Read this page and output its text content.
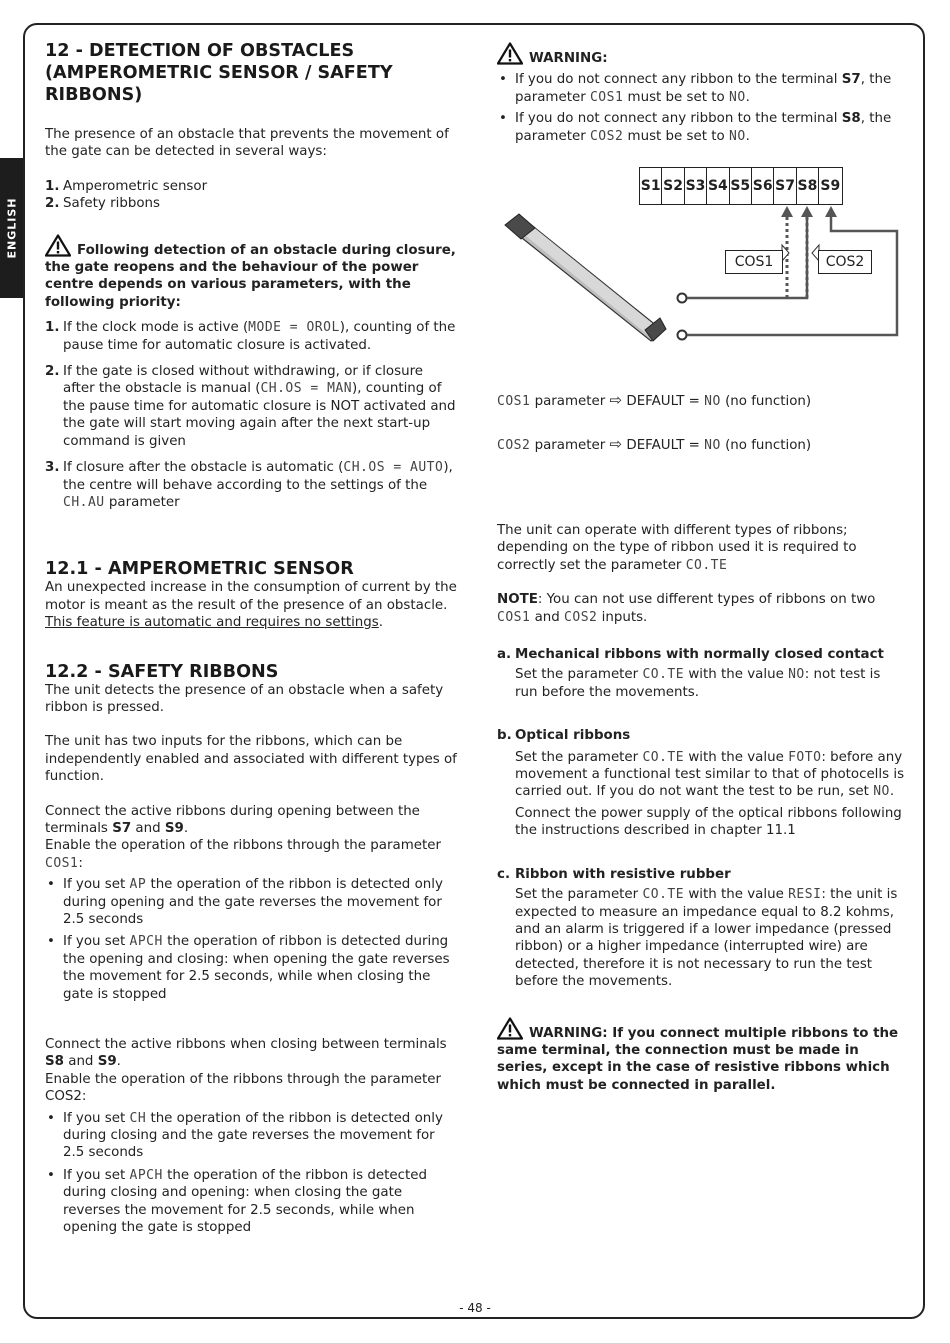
ENGLISH
12 - DETECTION OF OBSTACLES (AMPEROMETRIC SENSOR / SAFETY RIBBONS)

The presence of an obstacle that prevents the movement of the gate can be detected in several ways:

1. Amperometric sensor
2. Safety ribbons

Following detection of an obstacle during closure, the gate reopens and the behaviour of the power centre depends on various parameters, with the following priority:

1. If the clock mode is active (MODE = OROL), counting of the pause time for automatic closure is activated.
2. If the gate is closed without withdrawing, or if closure after the obstacle is manual (CH.OS = MAN), counting of the pause time for automatic closure is NOT activated and the gate will start moving again after the next start-up command is given
3. If closure after the obstacle is automatic (CH.OS = AUTO), the centre will behave according to the settings of the CH.AU parameter
12.1 - AMPEROMETRIC SENSOR

An unexpected increase in the consumption of current by the motor is meant as the result of the presence of an obstacle.

This feature is automatic and requires no settings.

12.2 - SAFETY RIBBONS

The unit detects the presence of an obstacle when a safety ribbon is pressed.

The unit has two inputs for the ribbons, which can be independently enabled and associated with different types of function.

Connect the active ribbons during opening between the terminals S7 and S9.

Enable the operation of the ribbons through the parameter COS1:

• If you set AP the operation of the ribbon is detected only during opening and the gate reverses the movement for 2.5 seconds
• If you set APCH the operation of ribbon is detected during the opening and closing: when opening the gate reverses the movement for 2.5 seconds, while when closing the gate is stopped

Connect the active ribbons when closing between terminals S8 and S9.

Enable the operation of the ribbons through the parameter COS2:

• If you set CH the operation of the ribbon is detected only during closing and the gate reverses the movement for 2.5 seconds
• If you set APCH the operation of the ribbon is detected during closing and opening: when closing the gate reverses the movement for 2.5 seconds, while when opening the gate is stopped

WARNING:

• If you do not connect any ribbon to the terminal S7, the parameter COS1 must be set to NO.
• If you do not connect any ribbon to the terminal S8, the parameter COS2 must be set to NO.
S1 S2 S3 S4 S5 S6 S7 S8 S9
COS1	COS2

COS1 parameter ⇨ DEFAULT = NO (no function)

COS2 parameter ⇨ DEFAULT = NO (no function)

The unit can operate with different types of ribbons; depending on the type of ribbon used it is required to correctly set the parameter CO.TE

NOTE: You can not use different types of ribbons on two COS1 and COS2 inputs.

a. Mechanical ribbons with normally closed contact

Set the parameter CO.TE with the value NO: not test is run before the movements.

b. Optical ribbons

Set the parameter CO.TE with the value FOTO: before any movement a functional test similar to that of photocells is carried out. If you do not want the test to be run, set NO.

Connect the power supply of the optical ribbons following the instructions described in chapter 11.1

c. Ribbon with resistive rubber

Set the parameter CO.TE with the value RESI: the unit is expected to measure an impedance equal to 8.2 kohms, and an alarm is triggered if a lower impedance (pressed ribbon) or a higher impedance (interrupted wire) are detected, therefore it is not necessary to run the test before the movements.

WARNING: If you connect multiple ribbons to the same terminal, the connection must be made in series, except in the case of resistive ribbons which which must be connected in parallel.

- 48 -
